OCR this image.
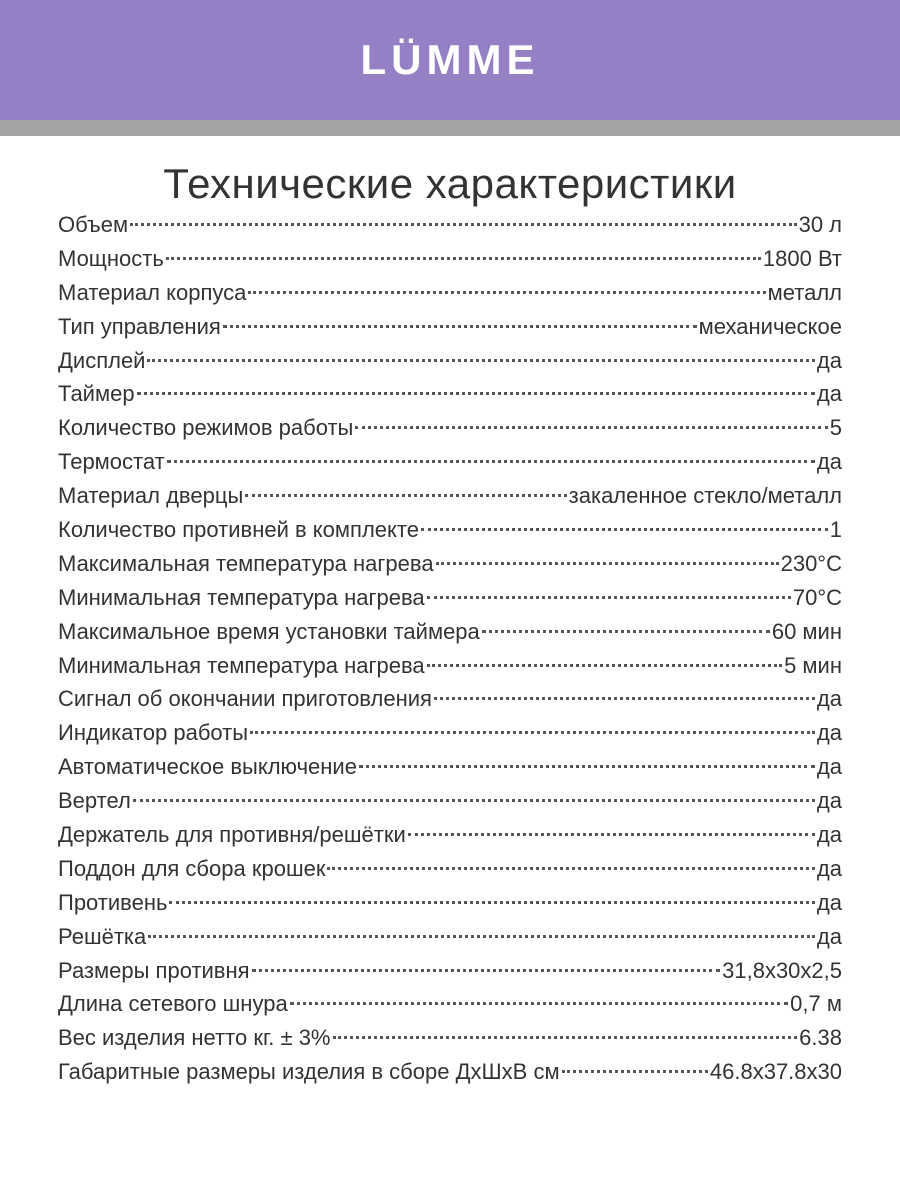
LÜMME
Технические характеристики
Объем	30 л
Мощность	1800 Вт
Материал корпуса	металл
Тип управления	механическое
Дисплей	да
Таймер	да
Количество режимов работы	5
Термостат	да
Материал дверцы	закаленное стекло/металл
Количество противней в комплекте	1
Максимальная температура нагрева	230°С
Минимальная температура нагрева	70°С
Максимальное время установки таймера	60 мин
Минимальная температура нагрева	5 мин
Сигнал об окончании приготовления	да
Индикатор работы	да
Автоматическое выключение	да
Вертел	да
Держатель для противня/решётки	да
Поддон для сбора крошек	да
Противень	да
Решётка	да
Размеры противня	31,8х30х2,5
Длина сетевого шнура	0,7 м
Вес изделия нетто кг. ± 3%	6.38
Габаритные размеры изделия в сборе ДхШхВ см	46.8х37.8х30
